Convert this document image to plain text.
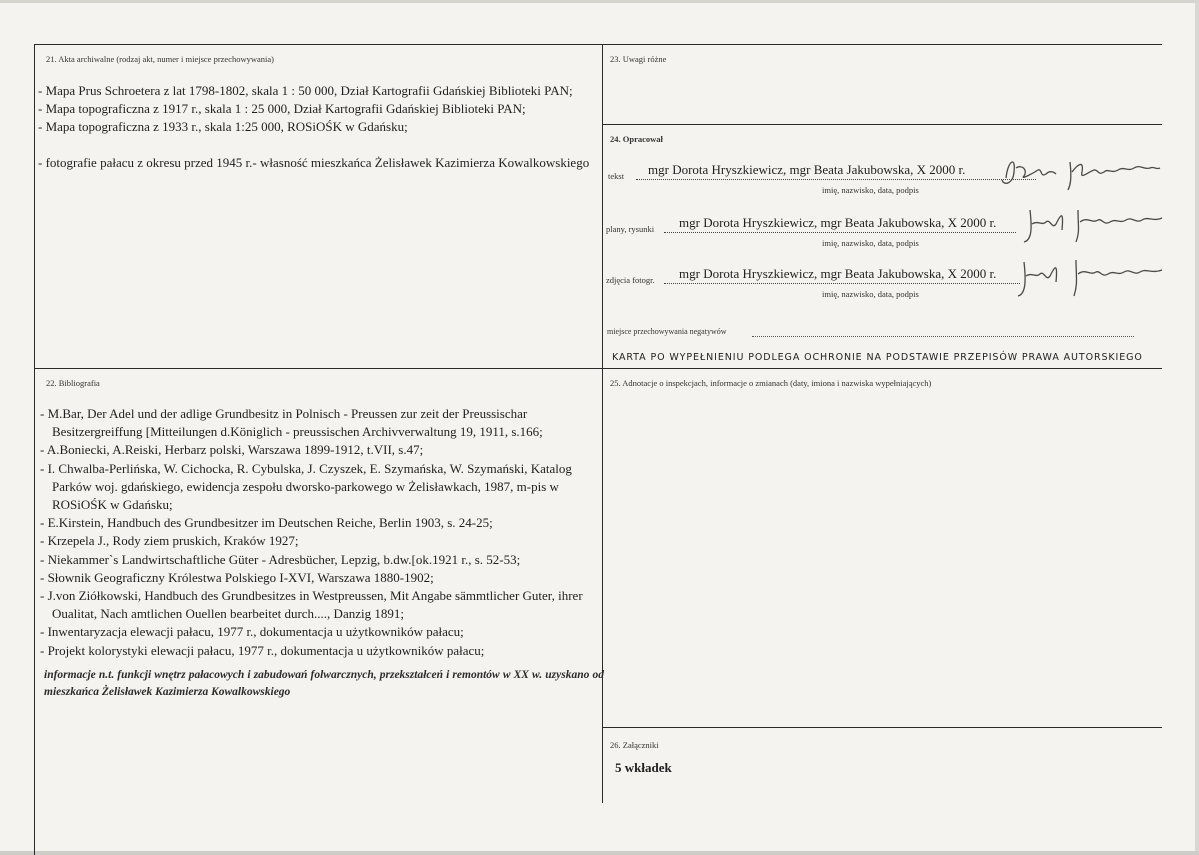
21. Akta archiwalne (rodzaj akt, numer i miejsce przechowywania)
- Mapa Prus Schroetera z lat 1798-1802, skala 1 : 50 000, Dział Kartografii Gdańskiej Biblioteki PAN;
- Mapa topograficzna z 1917 r., skala 1 : 25 000, Dział Kartografii Gdańskiej Biblioteki PAN;
- Mapa topograficzna z 1933 r., skala 1:25 000, ROSiOŚK w Gdańsku;
- fotografie pałacu z okresu przed 1945 r.- własność mieszkańca Żelisławek Kazimierza Kowalkowskiego
23. Uwagi różne
24. Opracował
tekst mgr Dorota Hryszkiewicz, mgr Beata Jakubowska, X 2000 r.
imię, nazwisko, data, podpis
plany, rysunki mgr Dorota Hryszkiewicz, mgr Beata Jakubowska, X 2000 r.
imię, nazwisko, data, podpis
zdjęcia fotogr. mgr Dorota Hryszkiewicz, mgr Beata Jakubowska, X 2000 r.
imię, nazwisko, data, podpis
miejsce przechowywania negatywów
KARTA PO WYPEŁNIENIU PODLEGA OCHRONIE NA PODSTAWIE PRZEPISÓW PRAWA AUTORSKIEGO
22. Bibliografia
- M.Bar, Der Adel und der adlige Grundbesitz in Polnisch - Preussen zur zeit der Preussischar Besitzergreiffung [Mitteilungen d.Königlich - preussischen Archivverwaltung 19, 1911, s.166;
- A.Boniecki, A.Reiski, Herbarz polski, Warszawa 1899-1912, t.VII, s.47;
- I. Chwalba-Perlińska, W. Cichocka, R. Cybulska, J. Czyszek, E. Szymańska, W. Szymański, Katalog Parków woj. gdańskiego, ewidencja zespołu dworsko-parkowego w Żelisławkach, 1987, m-pis w ROSiOŚK w Gdańsku;
- E.Kirstein, Handbuch des Grundbesitzer im Deutschen Reiche, Berlin 1903, s. 24-25;
- Krzepela J., Rody ziem pruskich, Kraków 1927;
- Niekammer`s Landwirtschaftliche Güter - Adresbücher, Lepzig, b.dw.[ok.1921 r., s. 52-53;
- Słownik Geograficzny Królestwa Polskiego I-XVI, Warszawa 1880-1902;
- J.von Ziółkowski, Handbuch des Grundbesitzes in Westpreussen, Mit Angabe sämmtlicher Guter, ihrer Oualitat, Nach amtlichen Ouellen bearbeitet durch...., Danzig 1891;
- Inwentaryzacja elewacji pałacu, 1977 r., dokumentacja u użytkowników pałacu;
- Projekt kolorystyki elewacji pałacu, 1977 r., dokumentacja u użytkowników pałacu;
informacje n.t. funkcji wnętrz pałacowych i zabudowań folwarcznych, przekształceń i remontów w XX w. uzyskano od mieszkańca Żelisławek Kazimierza Kowalkowskiego
25. Adnotacje o inspekcjach, informacje o zmianach (daty, imiona i nazwiska wypełniających)
26. Załączniki
5 wkładek
